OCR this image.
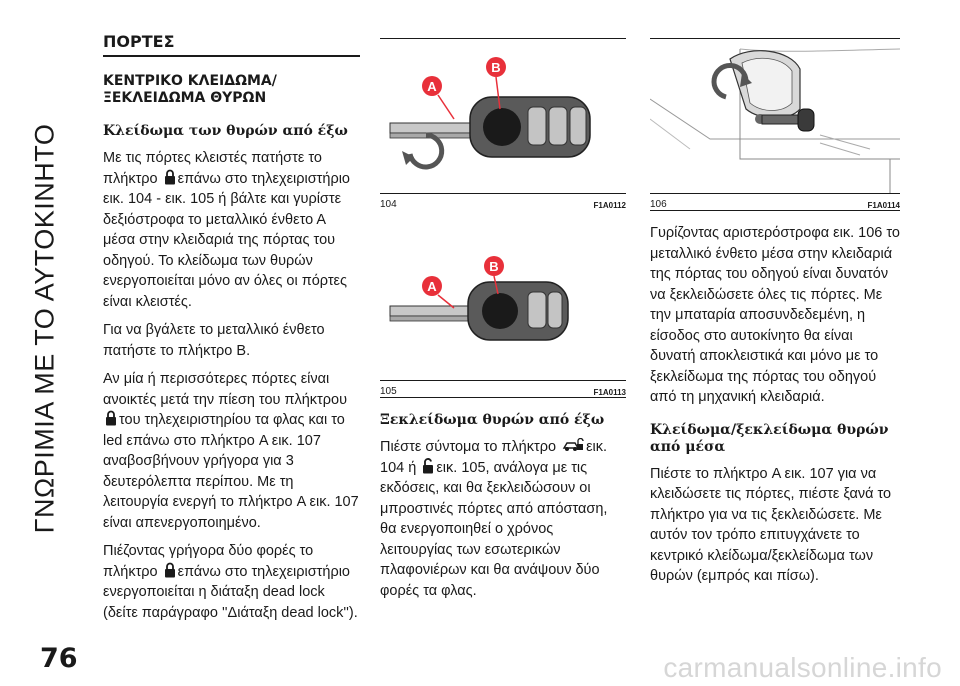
ΓΝΩΡΙΜΙΑ ΜΕ ΤΟ ΑΥΤΟΚΙΝΗΤΟ
ΠΟΡΤΕΣ
ΚΕΝΤΡΙΚΟ ΚΛΕΙΔΩΜΑ/ ΞΕΚΛΕΙΔΩΜΑ ΘΥΡΩΝ
Κλείδωμα των θυρών από έξω

Με τις πόρτες κλειστές πατήστε το πλήκτρο επάνω στο τηλεχειριστήριο εικ. 104 - εικ. 105 ή βάλτε και γυρίστε δεξιόστροφα το μεταλλικό ένθετο Α μέσα στην κλειδαριά της πόρτας του οδηγού. Το κλείδωμα των θυρών ενεργοποιείται μόνο αν όλες οι πόρτες είναι κλειστές.

Για να βγάλετε το μεταλλικό ένθετο πατήστε το πλήκτρο B.

Αν μία ή περισσότερες πόρτες είναι ανοικτές μετά την πίεση του πλήκτρου
του τηλεχειριστηρίου τα φλας και το led επάνω στο πλήκτρο A εικ. 107 αναβοσβήνουν γρήγορα για 3 δευτερόλεπτα περίπου. Με τη λειτουργία ενεργή το πλήκτρο A εικ. 107 είναι απενεργοποιημένο.

Πιέζοντας γρήγορα δύο φορές το πλήκτρο επάνω στο τηλεχειριστήριο ενεργοποιείται η διάταξη dead lock (δείτε παράγραφο ''Διάταξη dead lock'').

A
B
104	F1A0112
A
B
105	F1A0113
Ξεκλείδωμα θυρών από έξω

Πιέστε σύντομα το πλήκτρο εικ. 104 ή εικ. 105, ανάλογα με τις εκδόσεις, και θα ξεκλειδώσουν οι μπροστινές πόρτες από απόσταση, θα ενεργοποιηθεί ο χρόνος λειτουργίας των εσωτερικών πλαφονιέρων και θα ανάψουν δύο φορές τα φλας.

106	F1A0114

Γυρίζοντας αριστερόστροφα εικ. 106 το μεταλλικό ένθετο μέσα στην κλειδαριά της πόρτας του οδηγού είναι δυνατόν να ξεκλειδώσετε όλες τις πόρτες. Με την μπαταρία αποσυνδεδεμένη, η είσοδος στο αυτοκίνητο θα είναι δυνατή αποκλειστικά και μόνο με το ξεκλείδωμα της πόρτας του οδηγού από τη μηχανική κλειδαριά.

Κλείδωμα/ξεκλείδωμα θυρών από μέσα

Πιέστε το πλήκτρο A εικ. 107 για να κλειδώσετε τις πόρτες, πιέστε ξανά το πλήκτρο για να τις ξεκλειδώσετε. Με αυτόν τον τρόπο επιτυγχάνετε το κεντρικό κλείδωμα/ξεκλείδωμα των θυρών (εμπρός και πίσω).

76	carmanualsonline.info
